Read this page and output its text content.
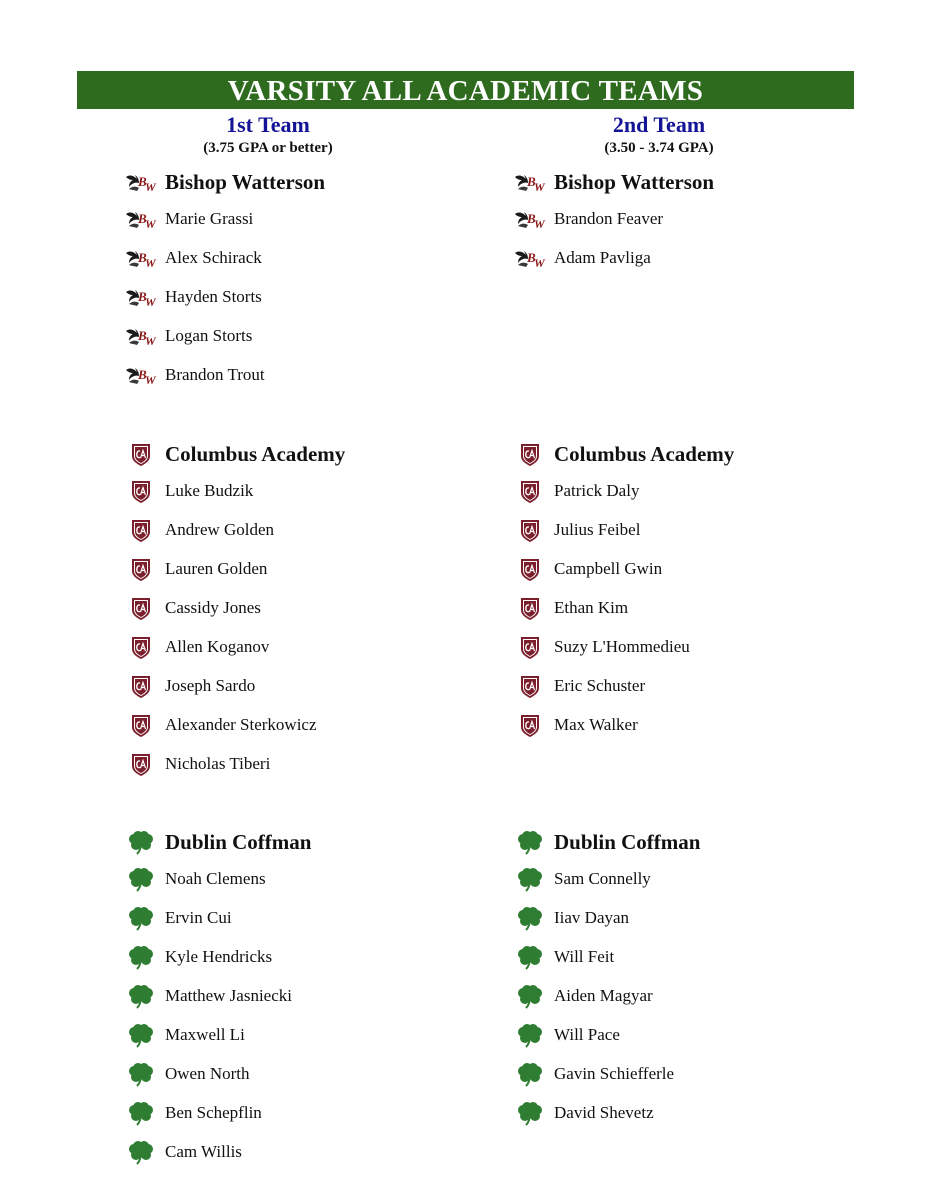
VARSITY ALL ACADEMIC TEAMS
1st Team
(3.75 GPA or better)
2nd Team
(3.50 - 3.74 GPA)
B
W Bishop Watterson
B
W Marie Grassi
B
W Alex Schirack
B
W Hayden Storts
B
W Logan Storts
B
W Brandon Trout
Columbus Academy
Luke Budzik
Andrew Golden
Lauren Golden
Cassidy Jones
Allen Koganov
Joseph Sardo
Alexander Sterkowicz
Nicholas Tiberi
Dublin Coffman
Noah Clemens
Ervin Cui
Kyle Hendricks
Matthew Jasniecki
Maxwell Li
Owen North
Ben Schepflin
Cam Willis
B
W Bishop Watterson
B
W Brandon Feaver
B
W Adam Pavliga
Columbus Academy
Patrick Daly
Julius Feibel
Campbell Gwin
Ethan Kim
Suzy L'Hommedieu
Eric Schuster
Max Walker
Dublin Coffman
Sam Connelly
Iiav Dayan
Will Feit
Aiden Magyar
Will Pace
Gavin Schiefferle
David Shevetz
